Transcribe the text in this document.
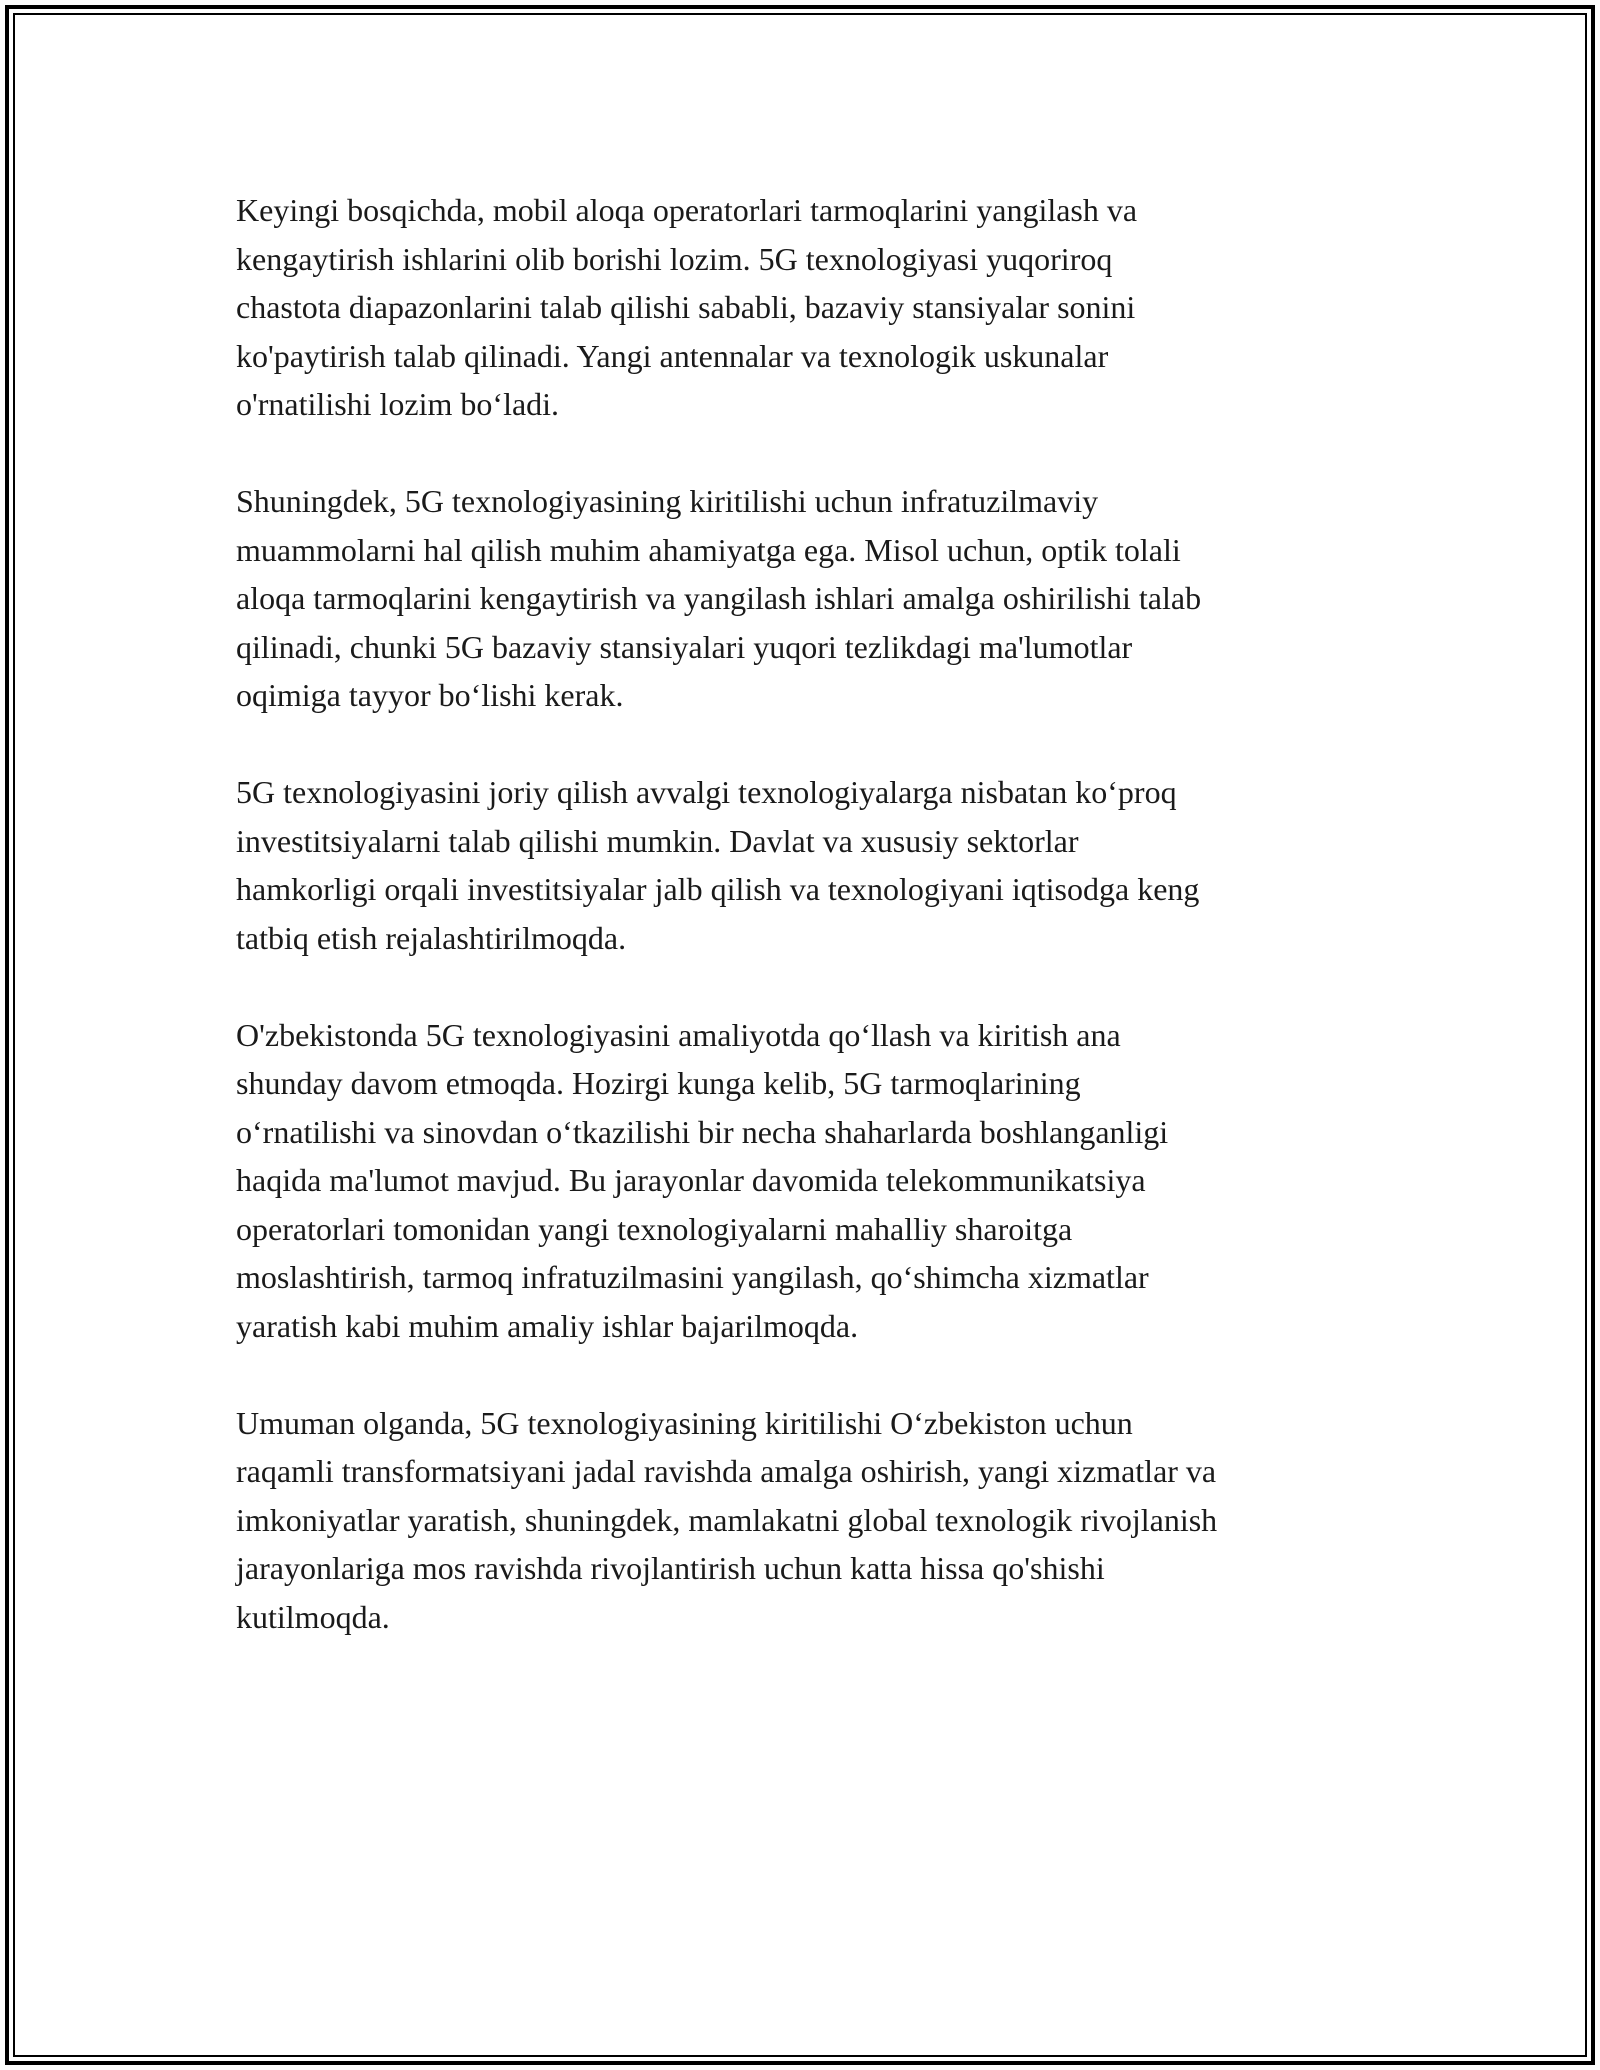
Keyingi bosqichda, mobil aloqa operatorlari tarmoqlarini yangilash va
kengaytirish ishlarini olib borishi lozim. 5G texnologiyasi yuqoriroq
chastota diapazonlarini talab qilishi sababli, bazaviy stansiyalar sonini
ko'paytirish talab qilinadi. Yangi antennalar va texnologik uskunalar
o'rnatilishi lozim bo‘ladi.

Shuningdek, 5G texnologiyasining kiritilishi uchun infratuzilmaviy
muammolarni hal qilish muhim ahamiyatga ega. Misol uchun, optik tolali
aloqa tarmoqlarini kengaytirish va yangilash ishlari amalga oshirilishi talab
qilinadi, chunki 5G bazaviy stansiyalari yuqori tezlikdagi ma'lumotlar
oqimiga tayyor bo‘lishi kerak.

5G texnologiyasini joriy qilish avvalgi texnologiyalarga nisbatan ko‘proq
investitsiyalarni talab qilishi mumkin. Davlat va xususiy sektorlar
hamkorligi orqali investitsiyalar jalb qilish va texnologiyani iqtisodga keng
tatbiq etish rejalashtirilmoqda.

O'zbekistonda 5G texnologiyasini amaliyotda qo‘llash va kiritish ana
shunday davom etmoqda. Hozirgi kunga kelib, 5G tarmoqlarining
o‘rnatilishi va sinovdan o‘tkazilishi bir necha shaharlarda boshlanganligi
haqida ma'lumot mavjud. Bu jarayonlar davomida telekommunikatsiya
operatorlari tomonidan yangi texnologiyalarni mahalliy sharoitga
moslashtirish, tarmoq infratuzilmasini yangilash, qo‘shimcha xizmatlar
yaratish kabi muhim amaliy ishlar bajarilmoqda.

Umuman olganda, 5G texnologiyasining kiritilishi O‘zbekiston uchun
raqamli transformatsiyani jadal ravishda amalga oshirish, yangi xizmatlar va
imkoniyatlar yaratish, shuningdek, mamlakatni global texnologik rivojlanish
jarayonlariga mos ravishda rivojlantirish uchun katta hissa qo'shishi
kutilmoqda.
